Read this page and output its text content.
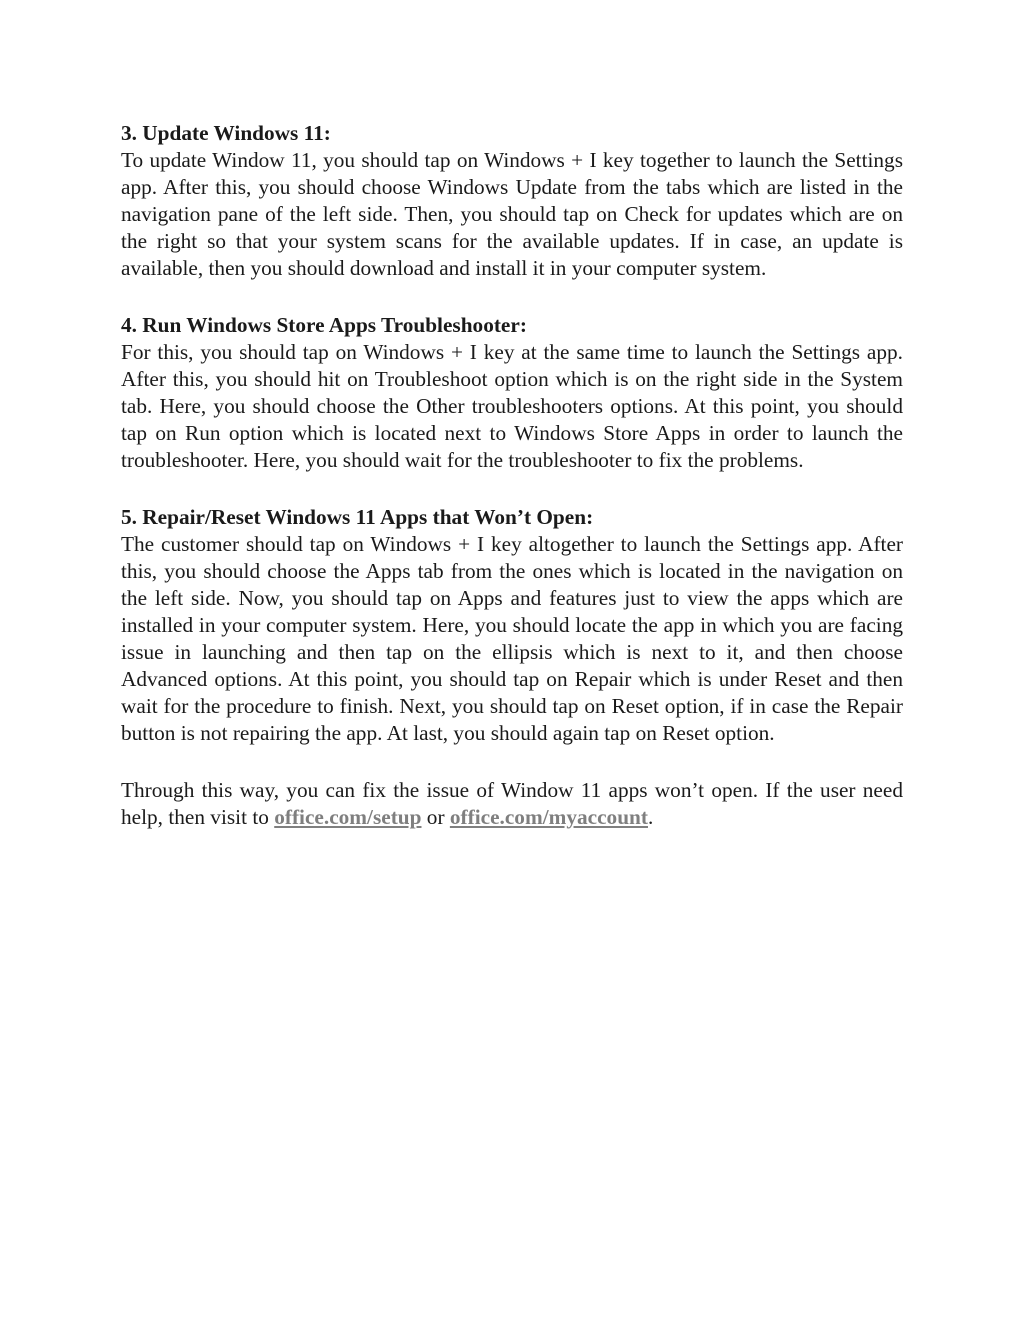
3. Update Windows 11:

To update Window 11, you should tap on Windows + I key together to launch the Settings app. After this, you should choose Windows Update from the tabs which are listed in the navigation pane of the left side. Then, you should tap on Check for updates which are on the right so that your system scans for the available updates. If in case, an update is available, then you should download and install it in your computer system.

4. Run Windows Store Apps Troubleshooter:

For this, you should tap on Windows + I key at the same time to launch the Settings app. After this, you should hit on Troubleshoot option which is on the right side in the System tab. Here, you should choose the Other troubleshooters options. At this point, you should tap on Run option which is located next to Windows Store Apps in order to launch the troubleshooter. Here, you should wait for the troubleshooter to fix the problems.

5. Repair/Reset Windows 11 Apps that Won’t Open:

The customer should tap on Windows + I key altogether to launch the Settings app. After this, you should choose the Apps tab from the ones which is located in the navigation on the left side. Now, you should tap on Apps and features just to view the apps which are installed in your computer system. Here, you should locate the app in which you are facing issue in launching and then tap on the ellipsis which is next to it, and then choose Advanced options. At this point, you should tap on Repair which is under Reset and then wait for the procedure to finish. Next, you should tap on Reset option, if in case the Repair button is not repairing the app. At last, you should again tap on Reset option.

Through this way, you can fix the issue of Window 11 apps won’t open. If the user need help, then visit to office.com/setup or office.com/myaccount.
